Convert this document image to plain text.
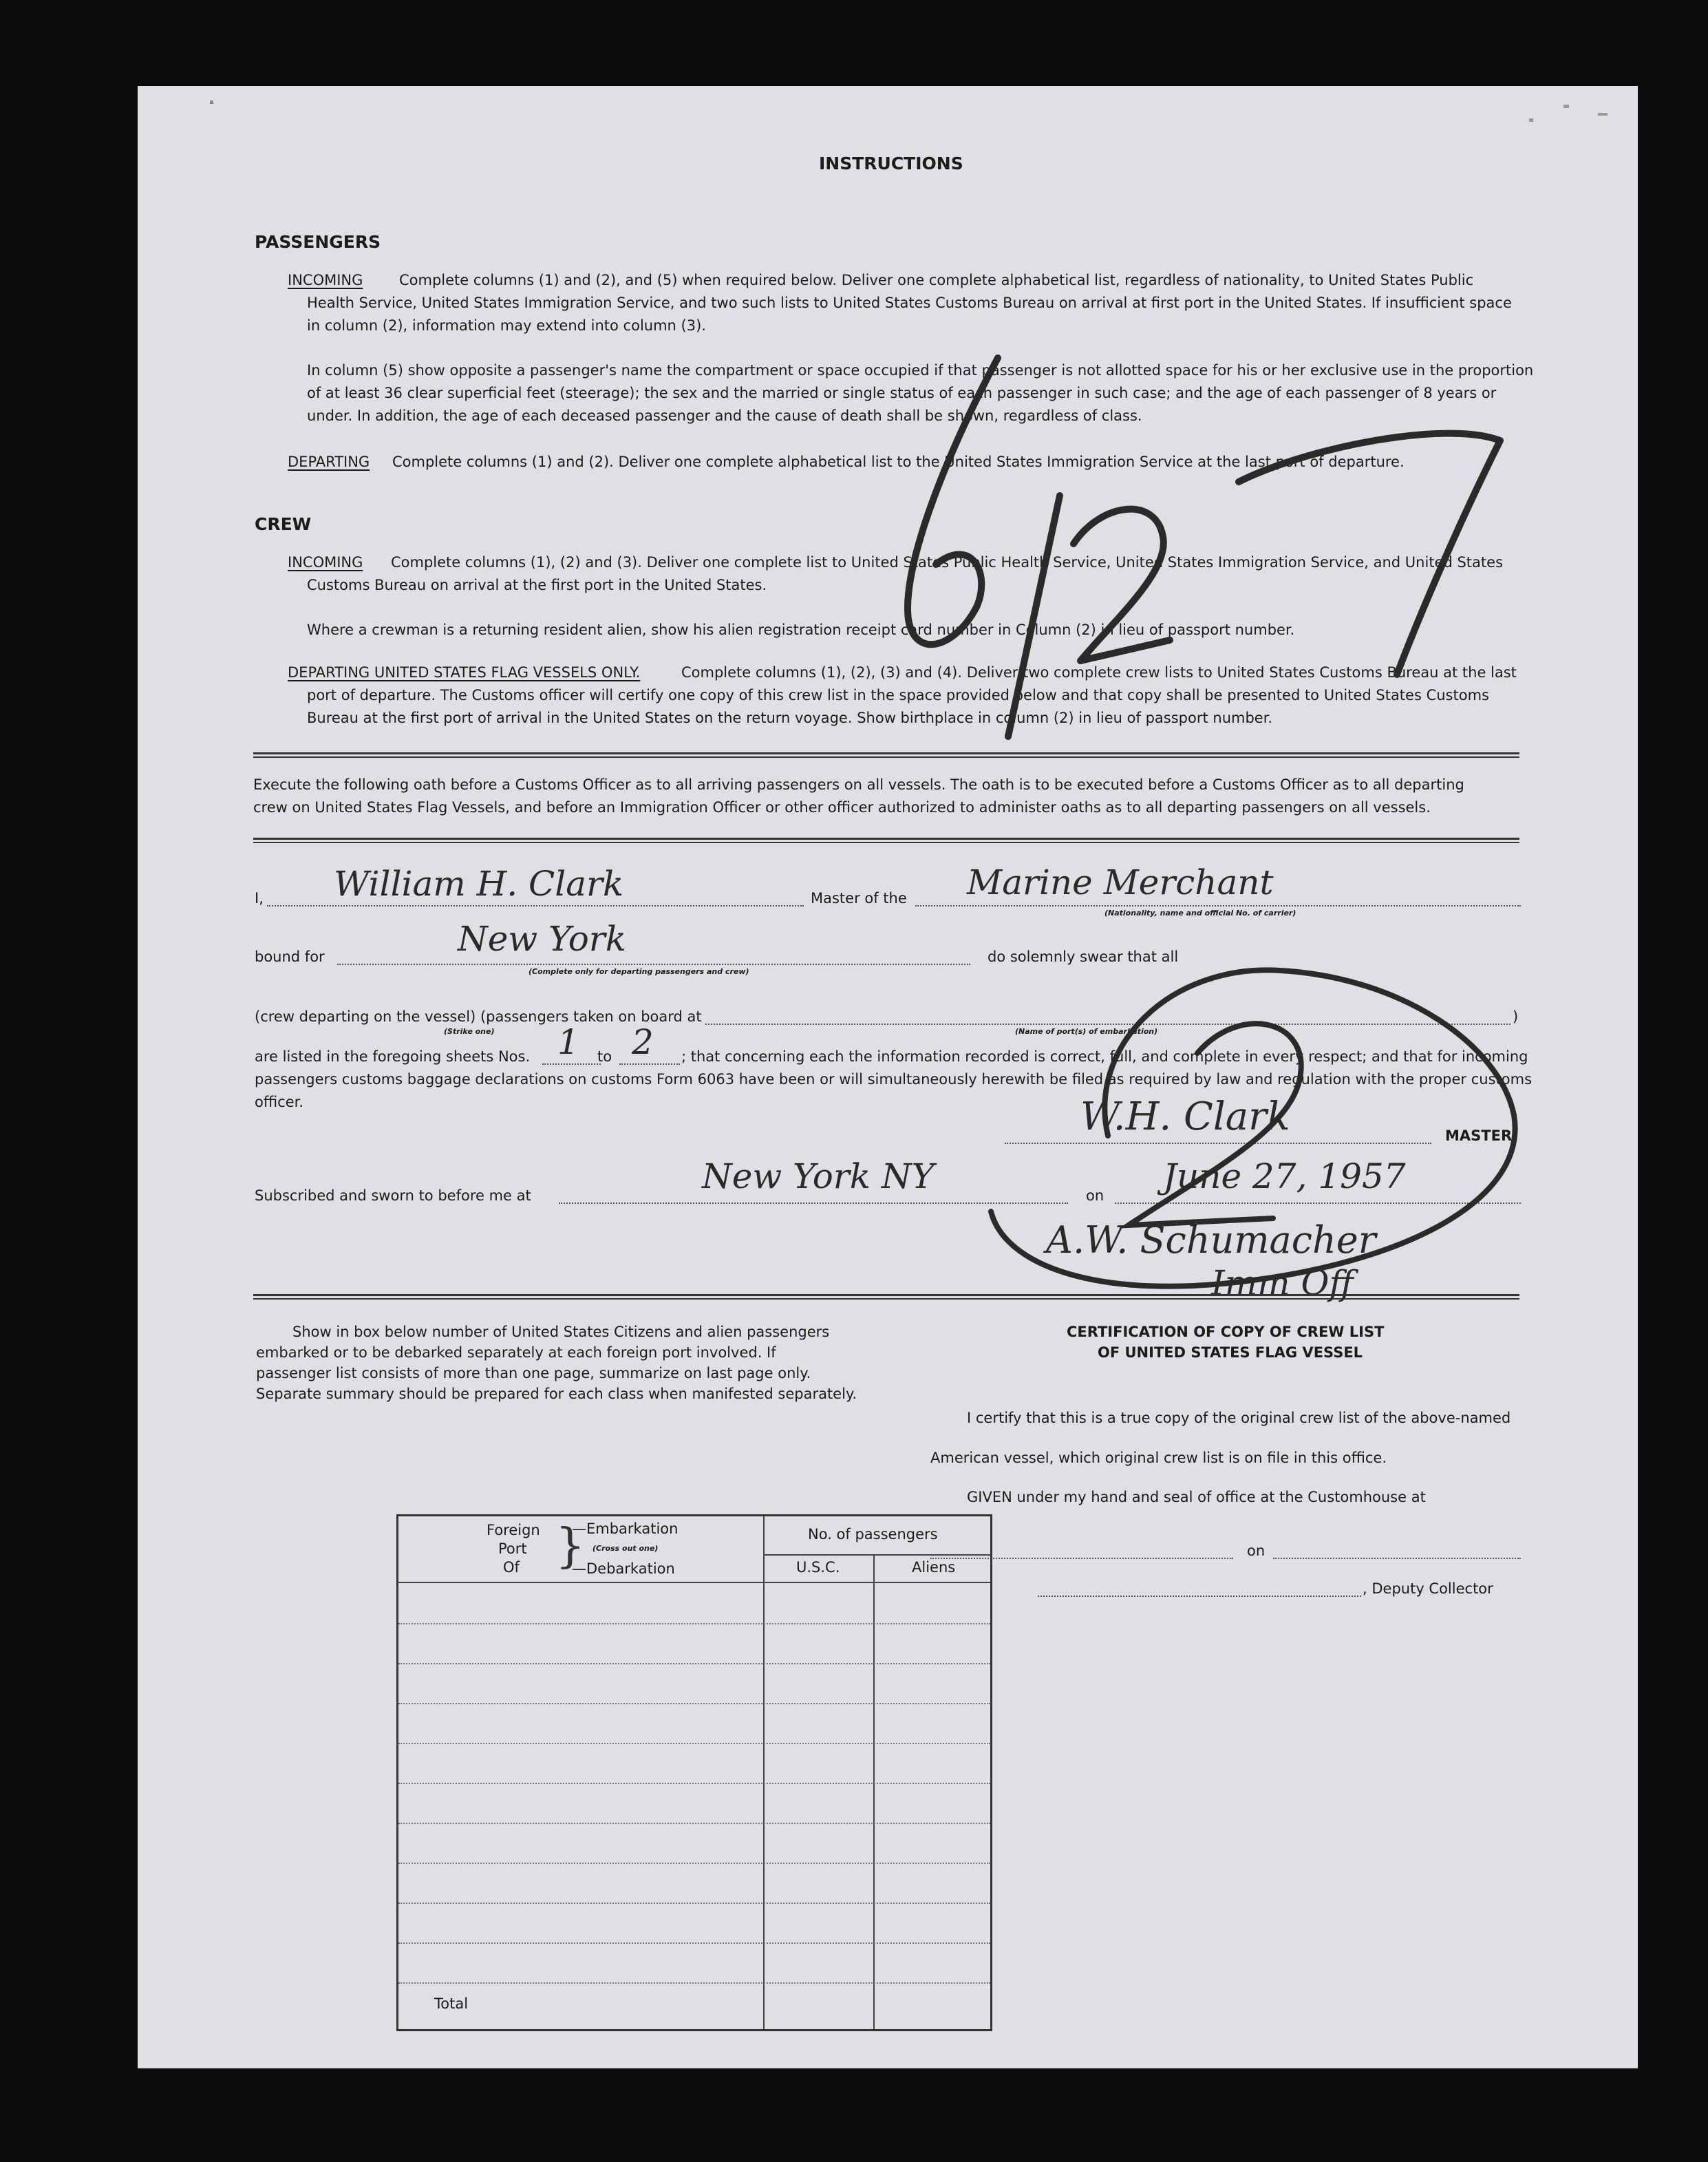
INSTRUCTIONS
PASSENGERS
INCOMING	Complete columns (1) and (2), and (5) when required below. Deliver one complete alphabetical list, regardless of nationality, to United States Public
Health Service, United States Immigration Service, and two such lists to United States Customs Bureau on arrival at first port in the United States. If insufficient space
in column (2), information may extend into column (3).
In column (5) show opposite a passenger's name the compartment or space occupied if that passenger is not allotted space for his or her exclusive use in the proportion
of at least 36 clear superficial feet (steerage); the sex and the married or single status of each passenger in such case; and the age of each passenger of 8 years or
under. In addition, the age of each deceased passenger and the cause of death shall be shown, regardless of class.
DEPARTING Complete columns (1) and (2). Deliver one complete alphabetical list to the United States Immigration Service at the last port of departure.
CREW
INCOMING Complete columns (1), (2) and (3). Deliver one complete list to United States Public Health Service, United States Immigration Service, and United States
Customs Bureau on arrival at the first port in the United States.
Where a crewman is a returning resident alien, show his alien registration receipt card number in Column (2) in lieu of passport number.
DEPARTING UNITED STATES FLAG VESSELS ONLY.	Complete columns (1), (2), (3) and (4). Deliver two complete crew lists to United States Customs Bureau at the last
port of departure. The Customs officer will certify one copy of this crew list in the space provided below and that copy shall be presented to United States Customs
Bureau at the first port of arrival in the United States on the return voyage. Show birthplace in column (2) in lieu of passport number.
Execute the following oath before a Customs Officer as to all arriving passengers on all vessels. The oath is to be executed before a Customs Officer as to all departing
crew on United States Flag Vessels, and before an Immigration Officer or other officer authorized to administer oaths as to all departing passengers on all vessels.
I, William H. Clark	Master of the Marine Merchant
(Nationality, name and official No. of carrier)
bound for	New York
(Complete only for departing passengers and crew)
do solemnly swear that all
(crew departing on the vessel) (passengers taken on board at	)
(Strike one)	(Name of port(s) of embarkation)
are listed in the foregoing sheets Nos. 1 to 2 ; that concerning each the information recorded is correct, full, and complete in every respect; and that for incoming
passengers customs baggage declarations on customs Form 6063 have been or will simultaneously herewith be filed as required by law and regulation with the proper customs
officer.	W.H. Clark	MASTER
Subscribed and sworn to before me at	New York NY	on June 27, 1957
A.W. Schumacher
Imm Off
Show in box below number of United States Citizens and alien passengers
embarked or to be debarked separately at each foreign port involved. If
passenger list consists of more than one page, summarize on last page only.
Separate summary should be prepared for each class when manifested separately.
CERTIFICATION OF COPY OF CREW LIST
OF UNITED STATES FLAG VESSEL
I certify that this is a true copy of the original crew list of the above-named
American vessel, which original crew list is on file in this office.
GIVEN under my hand and seal of office at the Customhouse at
on
, Deputy Collector
Foreign
Port
Of }
—Embarkation
(Cross out one)
—Debarkation
No. of passengers
U.S.C.	Aliens
Total
